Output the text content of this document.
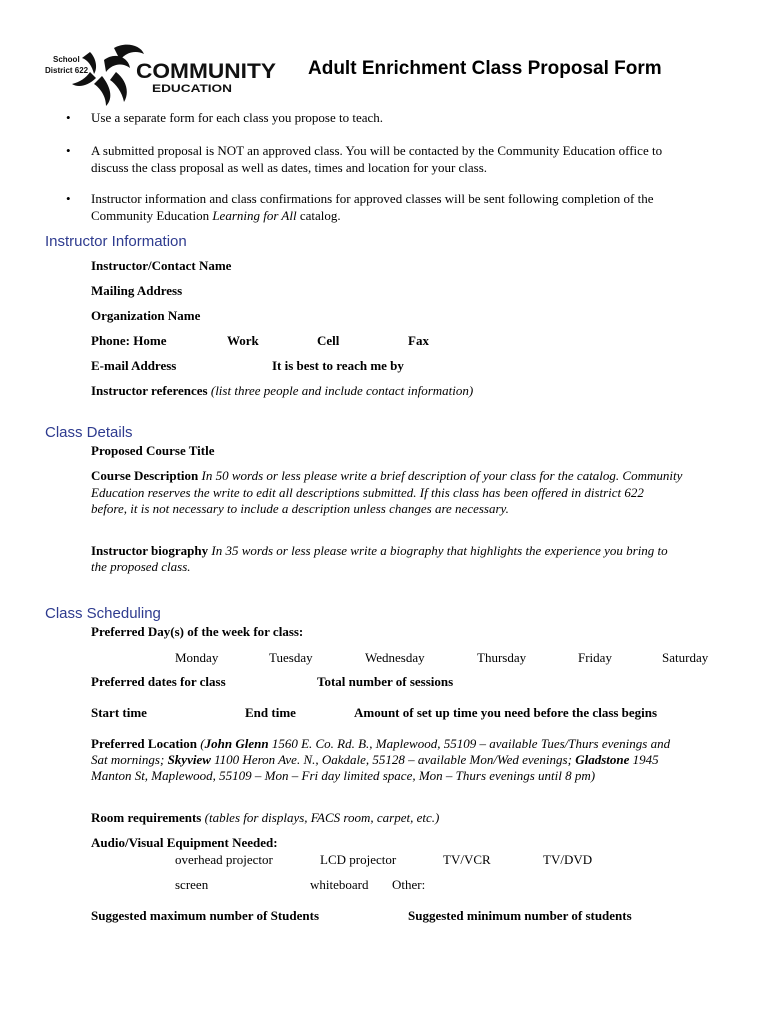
School
District 622 COMMUNITY
EDUCATION
Adult Enrichment Class Proposal Form
• Use a separate form for each class you propose to teach.
• A submitted proposal is NOT an approved class. You will be contacted by the Community Education office to
discuss the class proposal as well as dates, times and location for your class.
• Instructor information and class confirmations for approved classes will be sent following completion of the
Community Education Learning for All catalog.
Instructor Information
Instructor/Contact Name
Mailing Address
Organization Name
Phone: Home	Work	Cell	Fax
E-mail Address	It is best to reach me by
Instructor references (list three people and include contact information)
Class Details
Proposed Course Title
Course Description In 50 words or less please write a brief description of your class for the catalog. Community
Education reserves the write to edit all descriptions submitted. If this class has been offered in district 622
before, it is not necessary to include a description unless changes are necessary.
Instructor biography In 35 words or less please write a biography that highlights the experience you bring to
the proposed class.
Class Scheduling
Preferred Day(s) of the week for class:
Monday	Tuesday	Wednesday	Thursday	Friday	Saturday
Preferred dates for class	Total number of sessions
Start time	End time	Amount of set up time you need before the class begins
Preferred Location (John Glenn 1560 E. Co. Rd. B., Maplewood, 55109 – available Tues/Thurs evenings and
Sat mornings; Skyview 1100 Heron Ave. N., Oakdale, 55128 – available Mon/Wed evenings; Gladstone 1945
Manton St, Maplewood, 55109 – Mon – Fri day limited space, Mon – Thurs evenings until 8 pm)
Room requirements (tables for displays, FACS room, carpet, etc.)
Audio/Visual Equipment Needed:
overhead projector	LCD projector	TV/VCR	TV/DVD
screen	whiteboard Other:
Suggested maximum number of Students	Suggested minimum number of students
